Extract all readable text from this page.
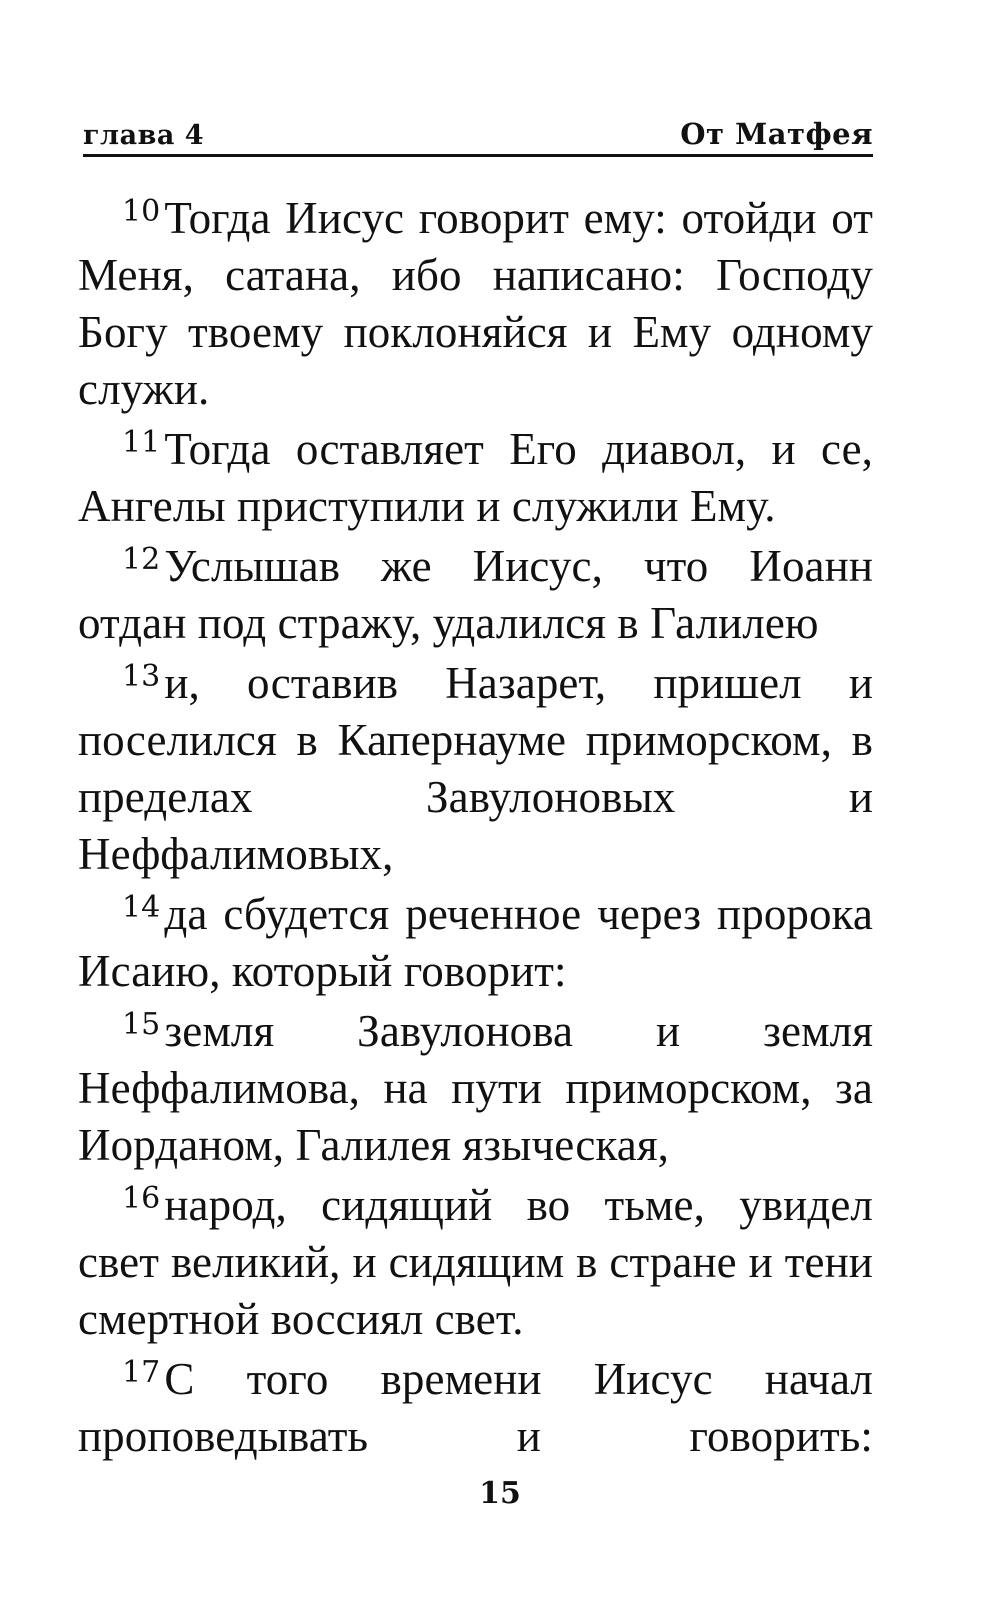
глава 4	От Матфея

$^{10}$Тогда Иисус говорит ему: отойди от Меня, сатана, ибо написано: Господу Богу твоему поклоняйся и Ему одному служи.

$^{11}$Тогда оставляет Его диавол, и се, Ангелы приступили и служили Ему.

$^{12}$Услышав же Иисус, что Иоанн отдан под стражу, удалился в Галилею

$^{13}$и, оставив Назарет, пришел и поселился в Капернауме приморском, в пределах Завулоновых и Неффалимовых,

$^{14}$да сбудется реченное через пророка Исаию, который говорит:

$^{15}$земля Завулонова и земля Неффалимова, на пути приморском, за Иорданом, Галилея языческая,

$^{16}$народ, сидящий во тьме, увидел свет великий, и сидящим в стране и тени смертной воссиял свет.

$^{17}$С того времени Иисус начал проповедывать и говорить:

15
